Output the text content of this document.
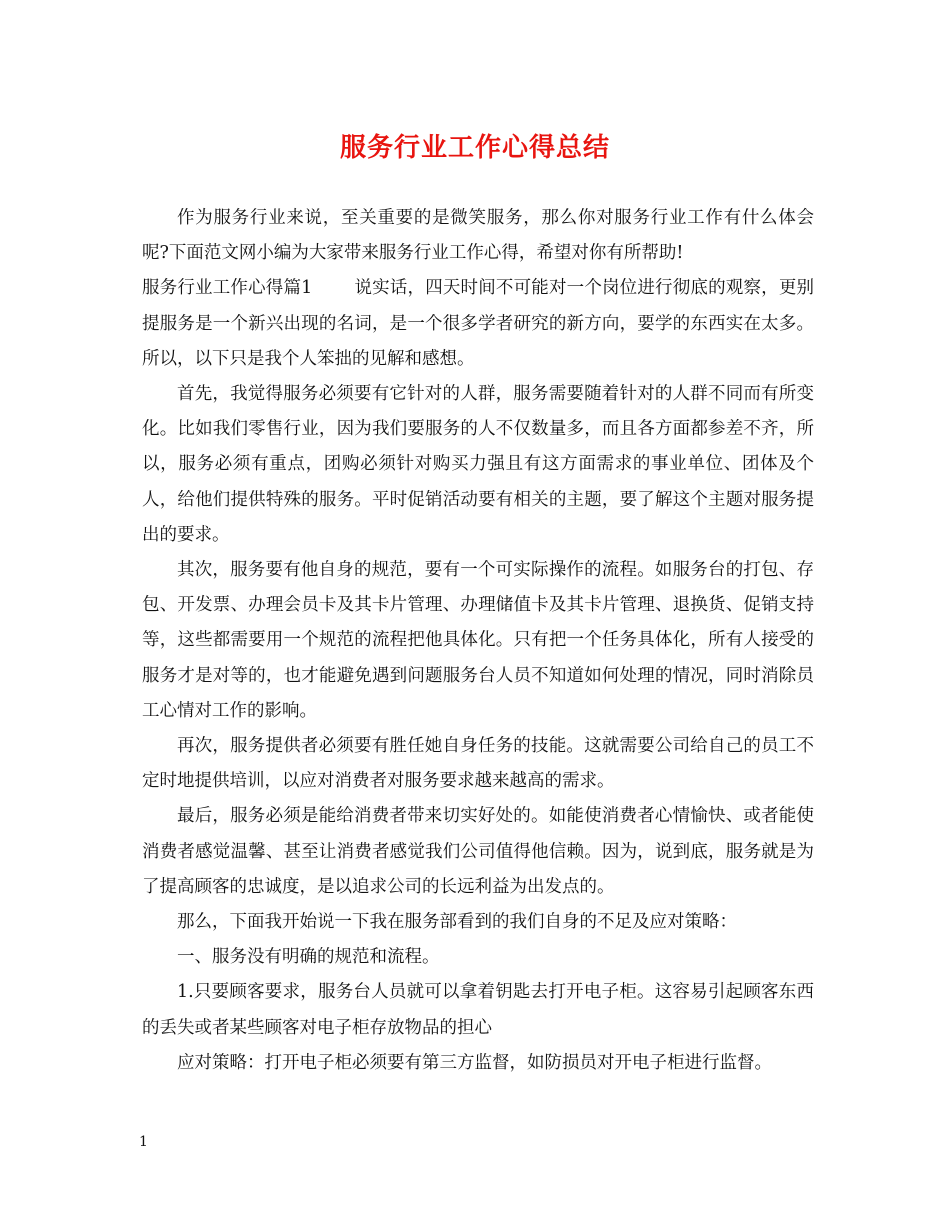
服务行业工作心得总结

作为服务行业来说，至关重要的是微笑服务，那么你对服务行业工作有什么体会呢?下面范文网小编为大家带来服务行业工作心得，希望对你有所帮助!

服务行业工作心得篇1 说实话，四天时间不可能对一个岗位进行彻底的观察，更别提服务是一个新兴出现的名词，是一个很多学者研究的新方向，要学的东西实在太多。所以，以下只是我个人笨拙的见解和感想。

首先，我觉得服务必须要有它针对的人群，服务需要随着针对的人群不同而有所变化。比如我们零售行业，因为我们要服务的人不仅数量多，而且各方面都参差不齐，所以，服务必须有重点，团购必须针对购买力强且有这方面需求的事业单位、团体及个人，给他们提供特殊的服务。平时促销活动要有相关的主题，要了解这个主题对服务提出的要求。

其次，服务要有他自身的规范，要有一个可实际操作的流程。如服务台的打包、存包、开发票、办理会员卡及其卡片管理、办理储值卡及其卡片管理、退换货、促销支持等，这些都需要用一个规范的流程把他具体化。只有把一个任务具体化，所有人接受的服务才是对等的，也才能避免遇到问题服务台人员不知道如何处理的情况，同时消除员工心情对工作的影响。

再次，服务提供者必须要有胜任她自身任务的技能。这就需要公司给自己的员工不定时地提供培训，以应对消费者对服务要求越来越高的需求。

最后，服务必须是能给消费者带来切实好处的。如能使消费者心情愉快、或者能使消费者感觉温馨、甚至让消费者感觉我们公司值得他信赖。因为，说到底，服务就是为了提高顾客的忠诚度，是以追求公司的长远利益为出发点的。

那么，下面我开始说一下我在服务部看到的我们自身的不足及应对策略：

一、服务没有明确的规范和流程。

1.只要顾客要求，服务台人员就可以拿着钥匙去打开电子柜。这容易引起顾客东西的丢失或者某些顾客对电子柜存放物品的担心

应对策略：打开电子柜必须要有第三方监督，如防损员对开电子柜进行监督。

1
